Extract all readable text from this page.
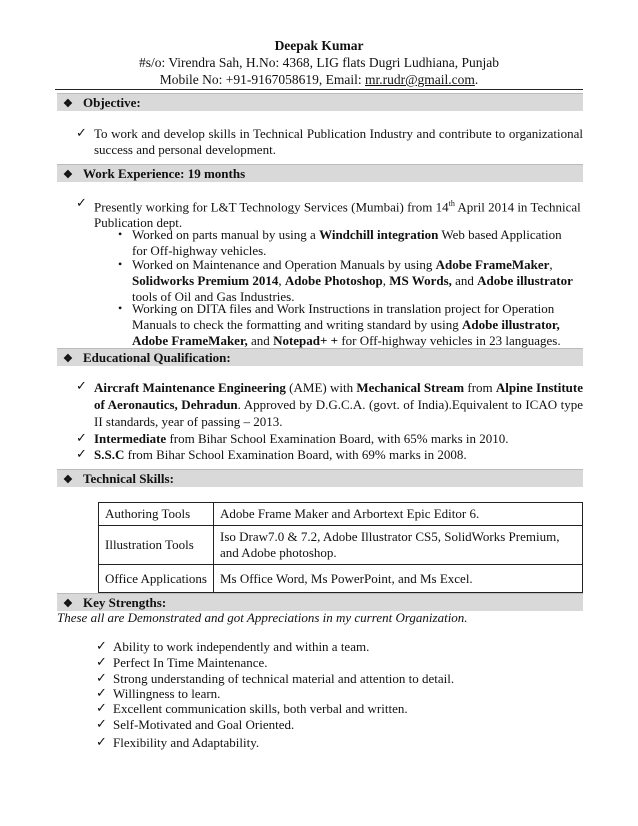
Deepak Kumar
#s/o: Virendra Sah, H.No: 4368, LIG flats Dugri Ludhiana, Punjab
Mobile No: +91-9167058619, Email: mr.rudr@gmail.com.
❖ Objective:
✓ To work and develop skills in Technical Publication Industry and contribute to organizational success and personal development.
❖ Work Experience: 19 months
✓ Presently working for L&T Technology Services (Mumbai) from 14th April 2014 in Technical Publication dept.
• Worked on parts manual by using a Windchill integration Web based Application for Off-highway vehicles.
• Worked on Maintenance and Operation Manuals by using Adobe FrameMaker, Solidworks Premium 2014, Adobe Photoshop, MS Words, and Adobe illustrator tools of Oil and Gas Industries.
• Working on DITA files and Work Instructions in translation project for Operation Manuals to check the formatting and writing standard by using Adobe illustrator,
Adobe FrameMaker, and Notepad+ + for Off-highway vehicles in 23 languages.
❖ Educational Qualification:
✓ Aircraft Maintenance Engineering (AME) with Mechanical Stream from Alpine Institute of Aeronautics, Dehradun. Approved by D.G.C.A. (govt. of India).Equivalent to ICAO type II standards, year of passing – 2013.
✓ Intermediate from Bihar School Examination Board, with 65% marks in 2010.
✓ S.S.C from Bihar School Examination Board, with 69% marks in 2008.
❖ Technical Skills:
Authoring Tools	Adobe Frame Maker and Arbortext Epic Editor 6.
Illustration Tools	Iso Draw7.0 & 7.2, Adobe Illustrator CS5, SolidWorks Premium, and Adobe photoshop.
Office Applications	Ms Office Word, Ms PowerPoint, and Ms Excel.
❖ Key Strengths:
These all are Demonstrated and got Appreciations in my current Organization.
✓ Ability to work independently and within a team.
✓ Perfect In Time Maintenance.
✓ Strong understanding of technical material and attention to detail.
✓ Willingness to learn.
✓ Excellent communication skills, both verbal and written.
✓ Self-Motivated and Goal Oriented.
✓ Flexibility and Adaptability.
